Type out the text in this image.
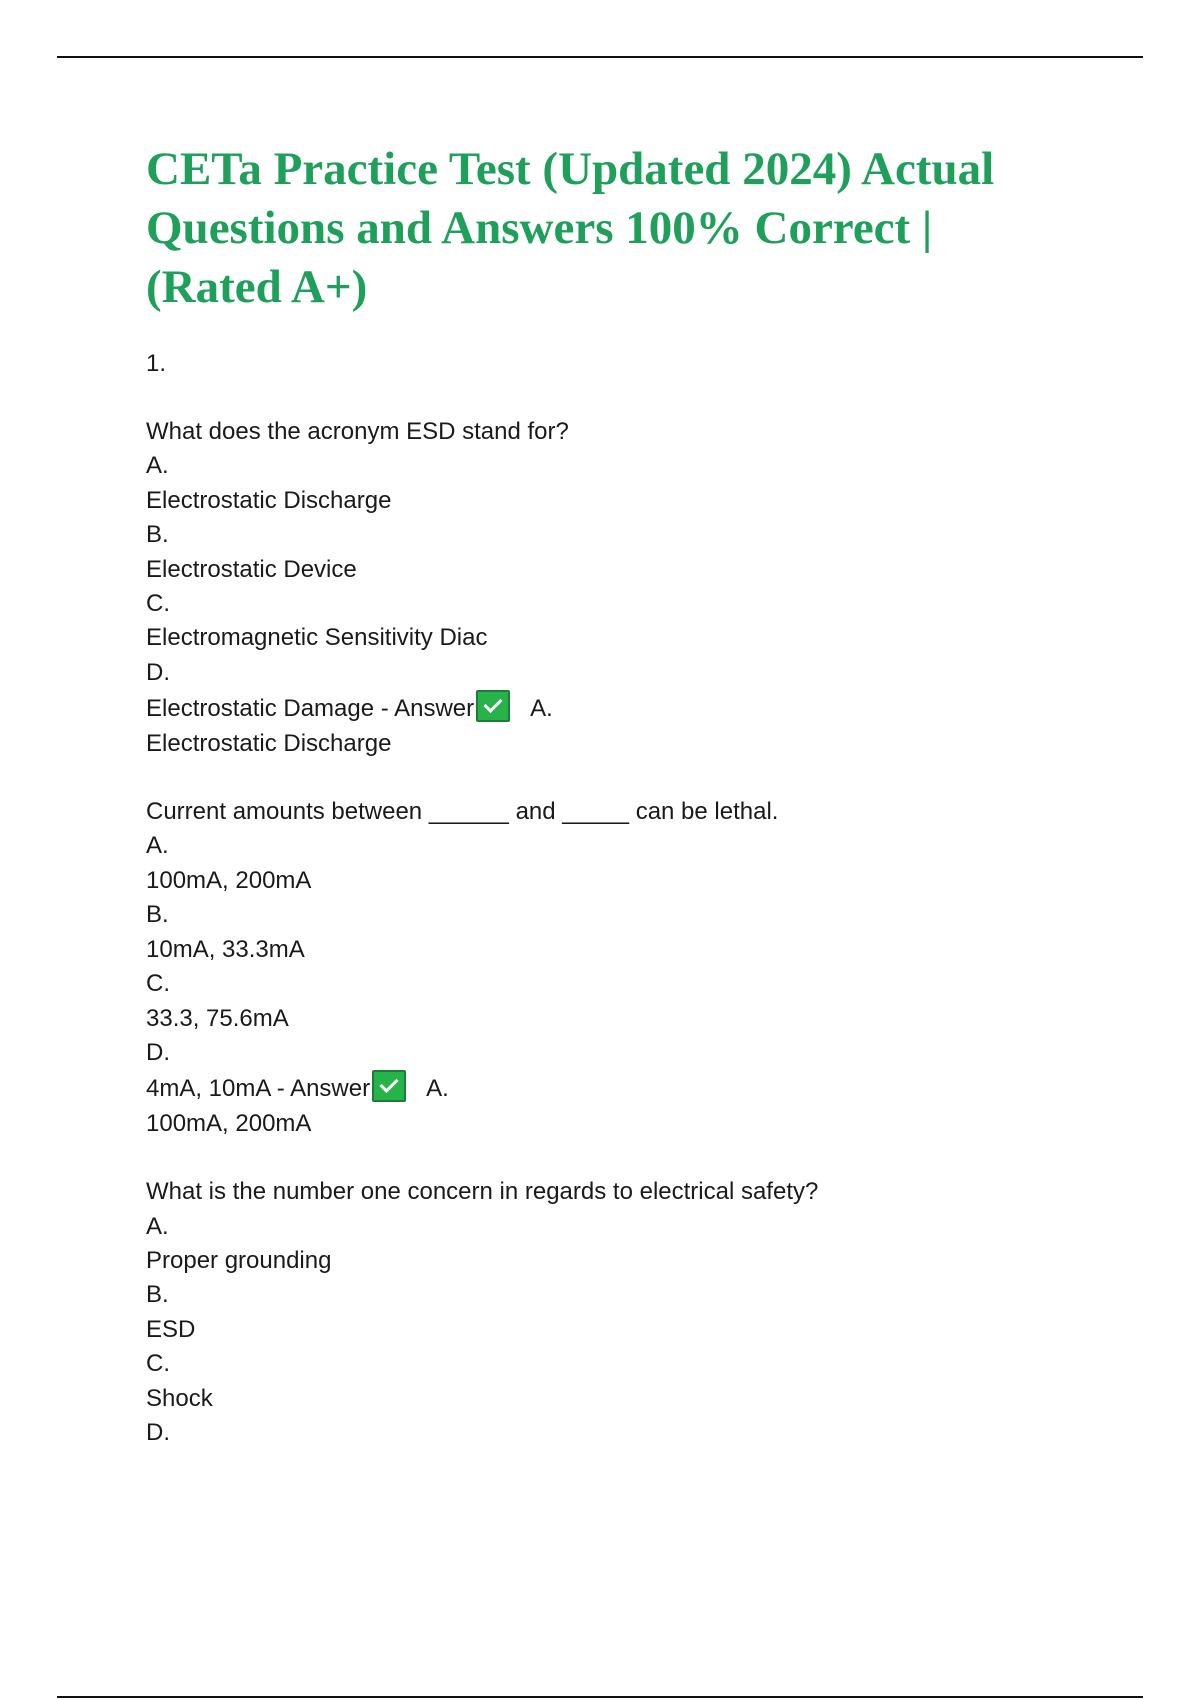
CETa Practice Test (Updated 2024) Actual Questions and Answers 100% Correct | (Rated A+)
1.
What does the acronym ESD stand for?
A.
Electrostatic Discharge
B.
Electrostatic Device
C.
Electromagnetic Sensitivity Diac
D.
Electrostatic Damage - Answer A.
Electrostatic Discharge
Current amounts between ______ and _____ can be lethal.
A.
100mA, 200mA
B.
10mA, 33.3mA
C.
33.3, 75.6mA
D.
4mA, 10mA - Answer A.
100mA, 200mA
What is the number one concern in regards to electrical safety?
A.
Proper grounding
B.
ESD
C.
Shock
D.
